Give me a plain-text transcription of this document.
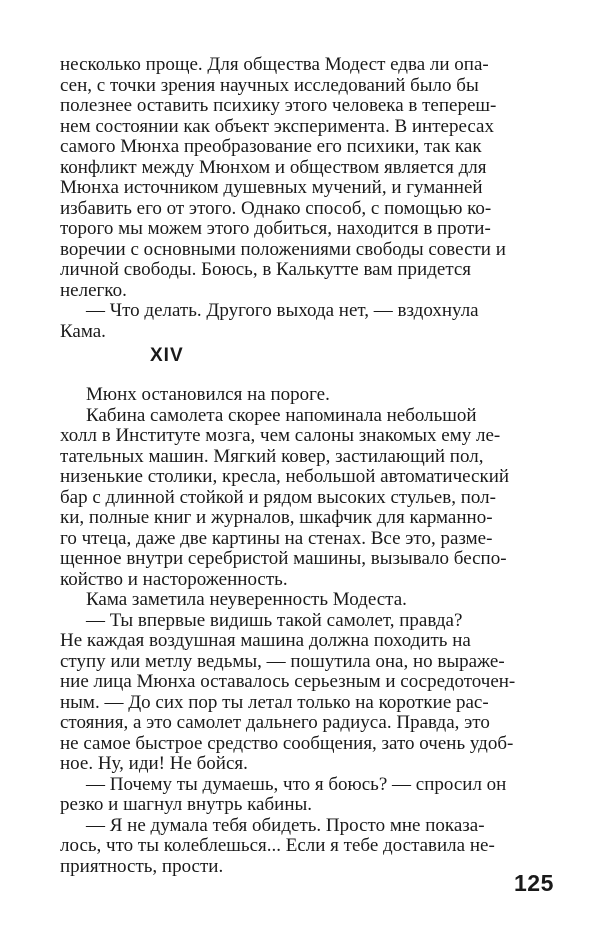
несколько проще. Для общества Модест едва ли опа-
сен, с точки зрения научных исследований было бы
полезнее оставить психику этого человека в тепереш-
нем состоянии как объект эксперимента. В интересах
самого Мюнха преобразование его психики, так как
конфликт между Мюнхом и обществом является для
Мюнха источником душевных мучений, и гуманней
избавить его от этого. Однако способ, с помощью ко-
торого мы можем этого добиться, находится в проти-
воречии с основными положениями свободы совести и
личной свободы. Боюсь, в Калькутте вам придется
нелегко.
— Что делать. Другого выхода нет, — вздохнула
Кама.
XIV
Мюнх остановился на пороге.
Кабина самолета скорее напоминала небольшой
холл в Институте мозга, чем салоны знакомых ему ле-
тательных машин. Мягкий ковер, застилающий пол,
низенькие столики, кресла, небольшой автоматический
бар с длинной стойкой и рядом высоких стульев, пол-
ки, полные книг и журналов, шкафчик для карманно-
го чтеца, даже две картины на стенах. Все это, разме-
щенное внутри серебристой машины, вызывало беспо-
койство и настороженность.
Кама заметила неуверенность Модеста.
— Ты впервые видишь такой самолет, правда?
Не каждая воздушная машина должна походить на
ступу или метлу ведьмы, — пошутила она, но выраже-
ние лица Мюнха оставалось серьезным и сосредоточен-
ным. — До сих пор ты летал только на короткие рас-
стояния, а это самолет дальнего радиуса. Правда, это
не самое быстрое средство сообщения, зато очень удоб-
ное. Ну, иди! Не бойся.
— Почему ты думаешь, что я боюсь? — спросил он
резко и шагнул внутрь кабины.
— Я не думала тебя обидеть. Просто мне показа-
лось, что ты колеблешься... Если я тебе доставила не-
приятность, прости.
125
